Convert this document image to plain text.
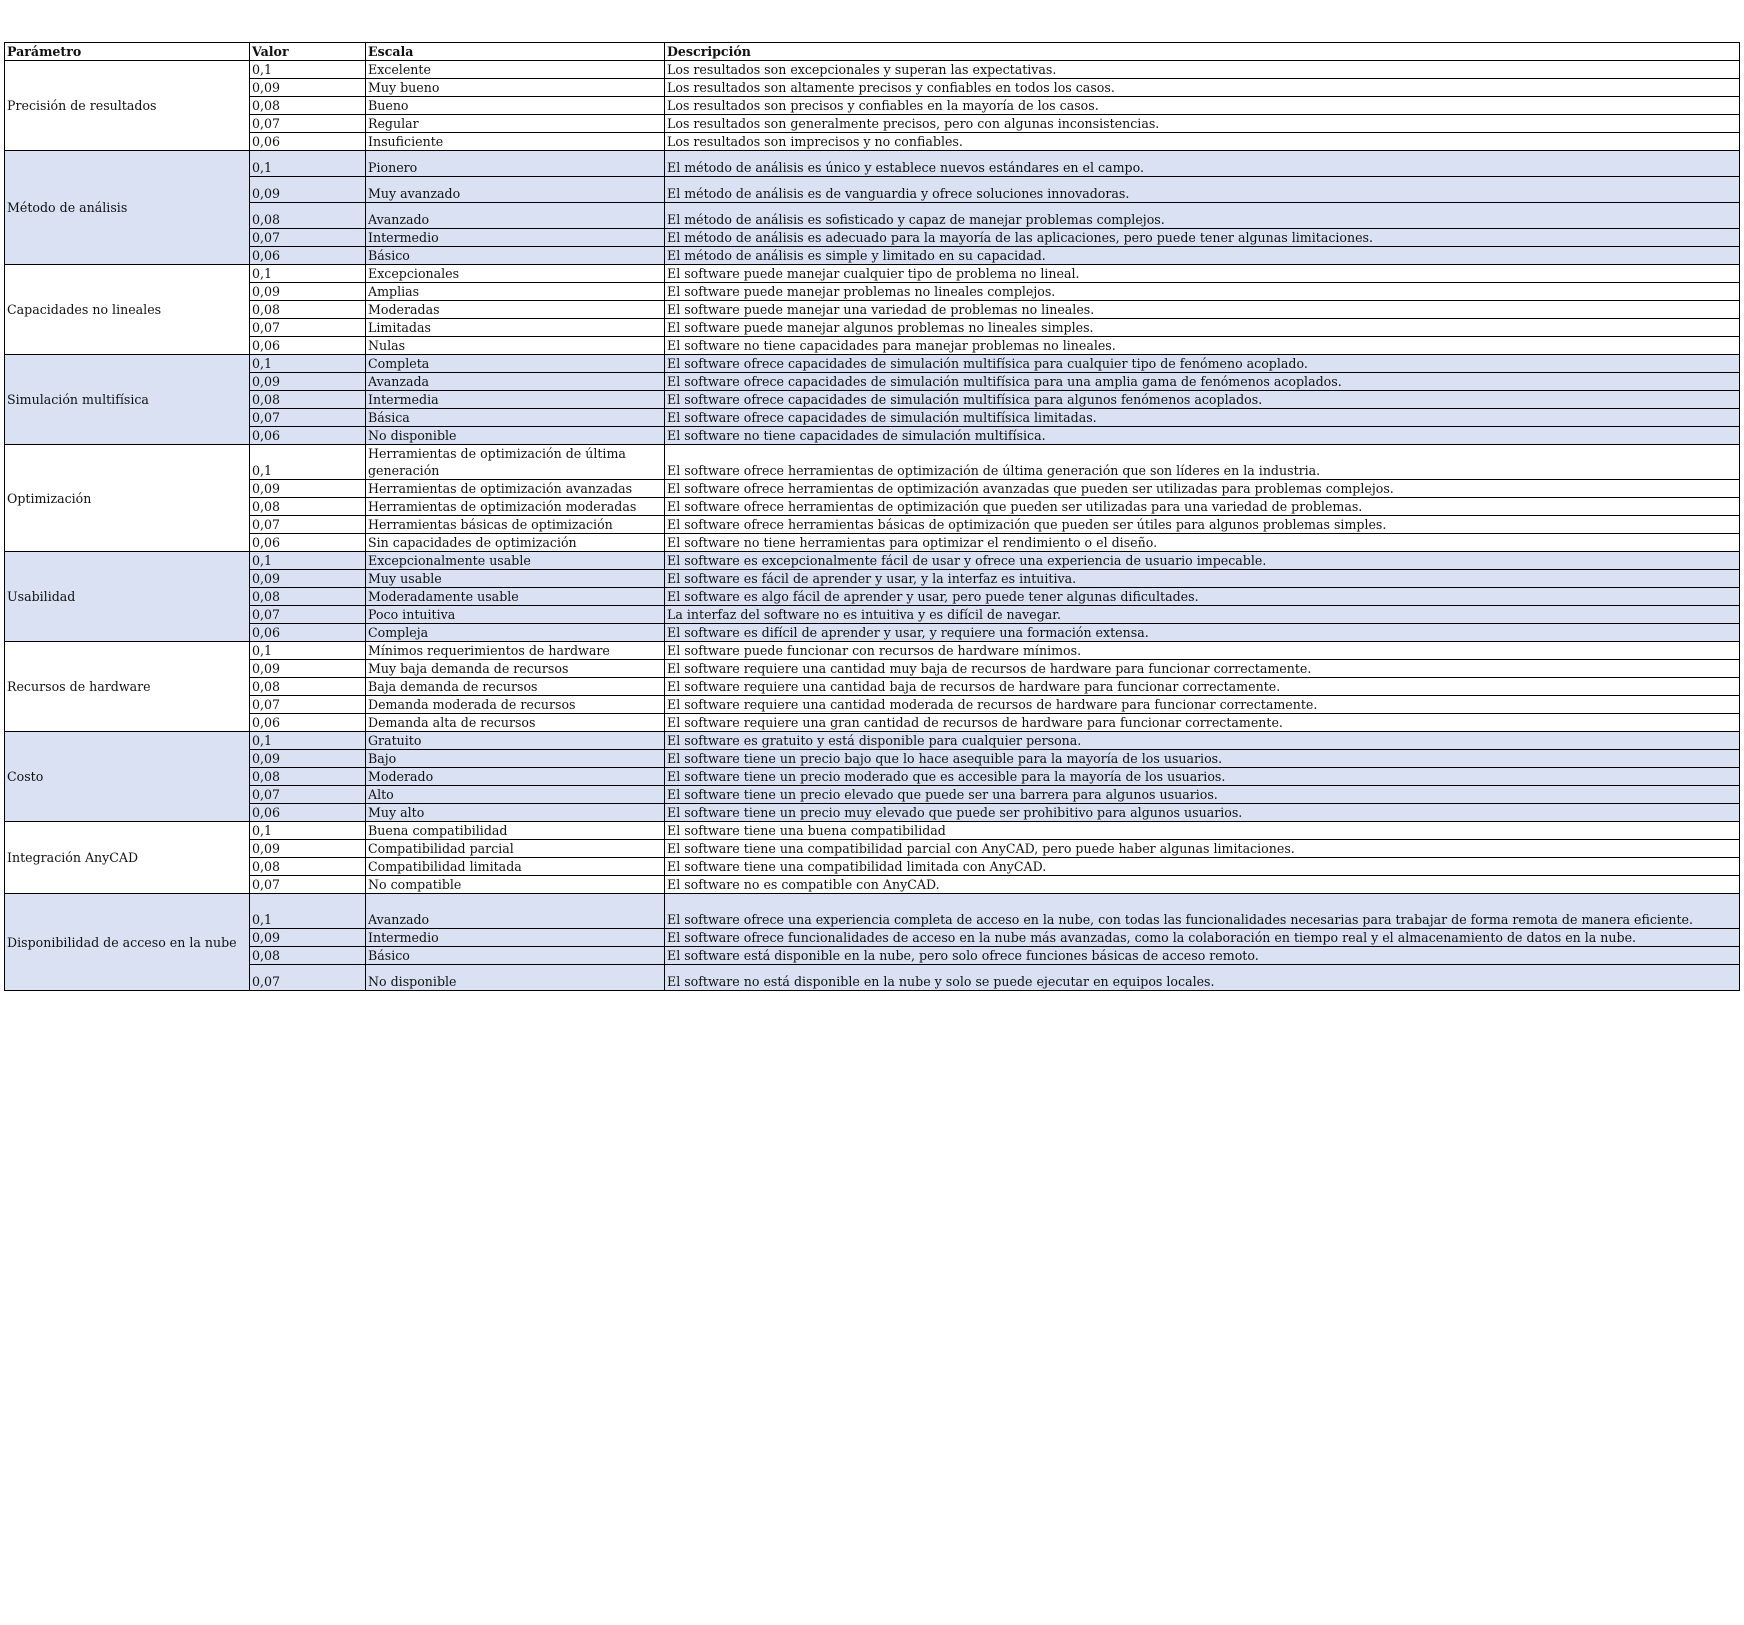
Parámetro	Valor	Escala	Descripción
Precisión de resultados	0,1	Excelente	Los resultados son excepcionales y superan las expectativas.
	0,09	Muy bueno	Los resultados son altamente precisos y confiables en todos los casos.
	0,08	Bueno	Los resultados son precisos y confiables en la mayoría de los casos.
	0,07	Regular	Los resultados son generalmente precisos, pero con algunas inconsistencias.
	0,06	Insuficiente	Los resultados son imprecisos y no confiables.
Método de análisis	0,1	Pionero	El método de análisis es único y establece nuevos estándares en el campo.
	0,09	Muy avanzado	El método de análisis es de vanguardia y ofrece soluciones innovadoras.
	0,08	Avanzado	El método de análisis es sofisticado y capaz de manejar problemas complejos.
	0,07	Intermedio	El método de análisis es adecuado para la mayoría de las aplicaciones, pero puede tener algunas limitaciones.
	0,06	Básico	El método de análisis es simple y limitado en su capacidad.
Capacidades no lineales	0,1	Excepcionales	El software puede manejar cualquier tipo de problema no lineal.
	0,09	Amplias	El software puede manejar problemas no lineales complejos.
	0,08	Moderadas	El software puede manejar una variedad de problemas no lineales.
	0,07	Limitadas	El software puede manejar algunos problemas no lineales simples.
	0,06	Nulas	El software no tiene capacidades para manejar problemas no lineales.
Simulación multifísica	0,1	Completa	El software ofrece capacidades de simulación multifísica para cualquier tipo de fenómeno acoplado.
	0,09	Avanzada	El software ofrece capacidades de simulación multifísica para una amplia gama de fenómenos acoplados.
	0,08	Intermedia	El software ofrece capacidades de simulación multifísica para algunos fenómenos acoplados.
	0,07	Básica	El software ofrece capacidades de simulación multifísica limitadas.
	0,06	No disponible	El software no tiene capacidades de simulación multifísica.
Optimización	0,1	Herramientas de optimización de última generación	El software ofrece herramientas de optimización de última generación que son líderes en la industria.
	0,09	Herramientas de optimización avanzadas	El software ofrece herramientas de optimización avanzadas que pueden ser utilizadas para problemas complejos.
	0,08	Herramientas de optimización moderadas	El software ofrece herramientas de optimización que pueden ser utilizadas para una variedad de problemas.
	0,07	Herramientas básicas de optimización	El software ofrece herramientas básicas de optimización que pueden ser útiles para algunos problemas simples.
	0,06	Sin capacidades de optimización	El software no tiene herramientas para optimizar el rendimiento o el diseño.
Usabilidad	0,1	Excepcionalmente usable	El software es excepcionalmente fácil de usar y ofrece una experiencia de usuario impecable.
	0,09	Muy usable	El software es fácil de aprender y usar, y la interfaz es intuitiva.
	0,08	Moderadamente usable	El software es algo fácil de aprender y usar, pero puede tener algunas dificultades.
	0,07	Poco intuitiva	La interfaz del software no es intuitiva y es difícil de navegar.
	0,06	Compleja	El software es difícil de aprender y usar, y requiere una formación extensa.
Recursos de hardware	0,1	Mínimos requerimientos de hardware	El software puede funcionar con recursos de hardware mínimos.
	0,09	Muy baja demanda de recursos	El software requiere una cantidad muy baja de recursos de hardware para funcionar correctamente.
	0,08	Baja demanda de recursos	El software requiere una cantidad baja de recursos de hardware para funcionar correctamente.
	0,07	Demanda moderada de recursos	El software requiere una cantidad moderada de recursos de hardware para funcionar correctamente.
	0,06	Demanda alta de recursos	El software requiere una gran cantidad de recursos de hardware para funcionar correctamente.
Costo	0,1	Gratuito	El software es gratuito y está disponible para cualquier persona.
	0,09	Bajo	El software tiene un precio bajo que lo hace asequible para la mayoría de los usuarios.
	0,08	Moderado	El software tiene un precio moderado que es accesible para la mayoría de los usuarios.
	0,07	Alto	El software tiene un precio elevado que puede ser una barrera para algunos usuarios.
	0,06	Muy alto	El software tiene un precio muy elevado que puede ser prohibitivo para algunos usuarios.
Integración AnyCAD	0,1	Buena compatibilidad	El software tiene una buena compatibilidad
	0,09	Compatibilidad parcial	El software tiene una compatibilidad parcial con AnyCAD, pero puede haber algunas limitaciones.
	0,08	Compatibilidad limitada	El software tiene una compatibilidad limitada con AnyCAD.
	0,07	No compatible	El software no es compatible con AnyCAD.
Disponibilidad de acceso en la nube	0,1	Avanzado	El software ofrece una experiencia completa de acceso en la nube, con todas las funcionalidades necesarias para trabajar de forma remota de manera eficiente.
	0,09	Intermedio	El software ofrece funcionalidades de acceso en la nube más avanzadas, como la colaboración en tiempo real y el almacenamiento de datos en la nube.
	0,08	Básico	El software está disponible en la nube, pero solo ofrece funciones básicas de acceso remoto.
	0,07	No disponible	El software no está disponible en la nube y solo se puede ejecutar en equipos locales.
